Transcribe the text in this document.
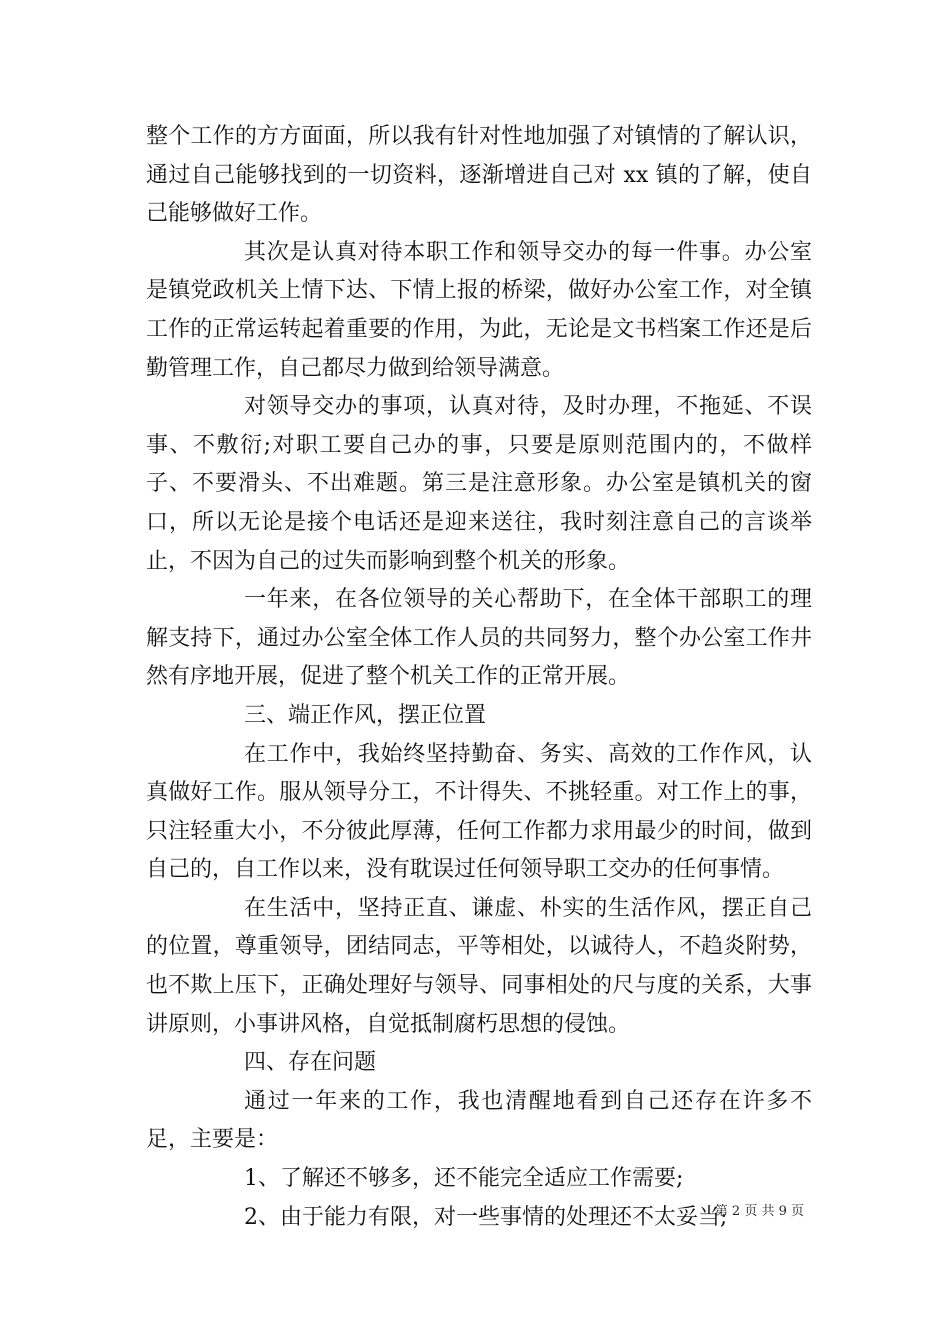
整个工作的方方面面，所以我有针对性地加强了对镇情的了解认识，通过自己能够找到的一切资料，逐渐增进自己对 xx 镇的了解，使自己能够做好工作。

其次是认真对待本职工作和领导交办的每一件事。办公室是镇党政机关上情下达、下情上报的桥梁，做好办公室工作，对全镇工作的正常运转起着重要的作用，为此，无论是文书档案工作还是后勤管理工作，自己都尽力做到给领导满意。

对领导交办的事项，认真对待，及时办理，不拖延、不误事、不敷衍;对职工要自己办的事，只要是原则范围内的，不做样子、不要滑头、不出难题。第三是注意形象。办公室是镇机关的窗口，所以无论是接个电话还是迎来送往，我时刻注意自己的言谈举止，不因为自己的过失而影响到整个机关的形象。

一年来，在各位领导的关心帮助下，在全体干部职工的理解支持下，通过办公室全体工作人员的共同努力，整个办公室工作井然有序地开展，促进了整个机关工作的正常开展。

三、端正作风，摆正位置

在工作中，我始终坚持勤奋、务实、高效的工作作风，认真做好工作。服从领导分工，不计得失、不挑轻重。对工作上的事，只注轻重大小，不分彼此厚薄，任何工作都力求用最少的时间，做到自己的，自工作以来，没有耽误过任何领导职工交办的任何事情。

在生活中，坚持正直、谦虚、朴实的生活作风，摆正自己的位置，尊重领导，团结同志，平等相处，以诚待人，不趋炎附势，也不欺上压下，正确处理好与领导、同事相处的尺与度的关系，大事讲原则，小事讲风格，自觉抵制腐朽思想的侵蚀。

四、存在问题

通过一年来的工作，我也清醒地看到自己还存在许多不足，主要是：

1、了解还不够多，还不能完全适应工作需要;

2、由于能力有限，对一些事情的处理还不太妥当;

第 2 页 共 9 页
